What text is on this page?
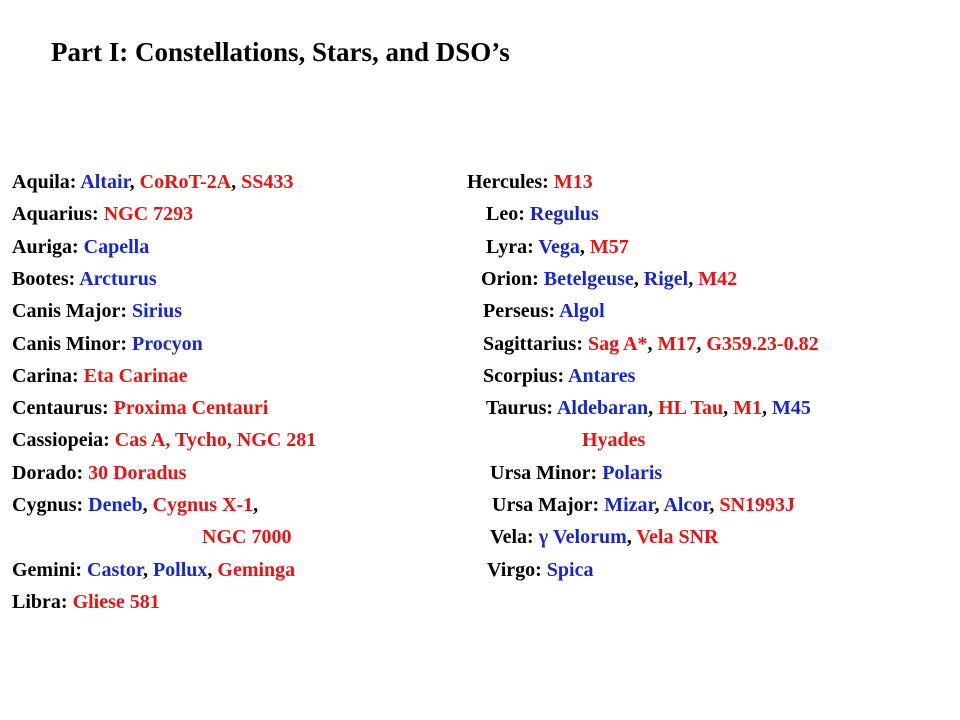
Part I: Constellations, Stars, and DSO’s
Aquila: Altair, CoRoT-2A, SS433
Aquarius: NGC 7293
Auriga: Capella
Bootes: Arcturus
Canis Major: Sirius
Canis Minor: Procyon
Carina: Eta Carinae
Centaurus: Proxima Centauri
Cassiopeia: Cas A, Tycho, NGC 281
Dorado: 30 Doradus
Cygnus: Deneb, Cygnus X-1,
NGC 7000
Gemini: Castor, Pollux, Geminga
Libra: Gliese 581
Hercules: M13
Leo: Regulus
Lyra: Vega, M57
Orion: Betelgeuse, Rigel, M42
Perseus: Algol
Sagittarius: Sag A*, M17, G359.23-0.82
Scorpius: Antares
Taurus: Aldebaran, HL Tau, M1, M45
Hyades
Ursa Minor: Polaris
Ursa Major: Mizar, Alcor, SN1993J
Vela: γ Velorum, Vela SNR
Virgo: Spica
